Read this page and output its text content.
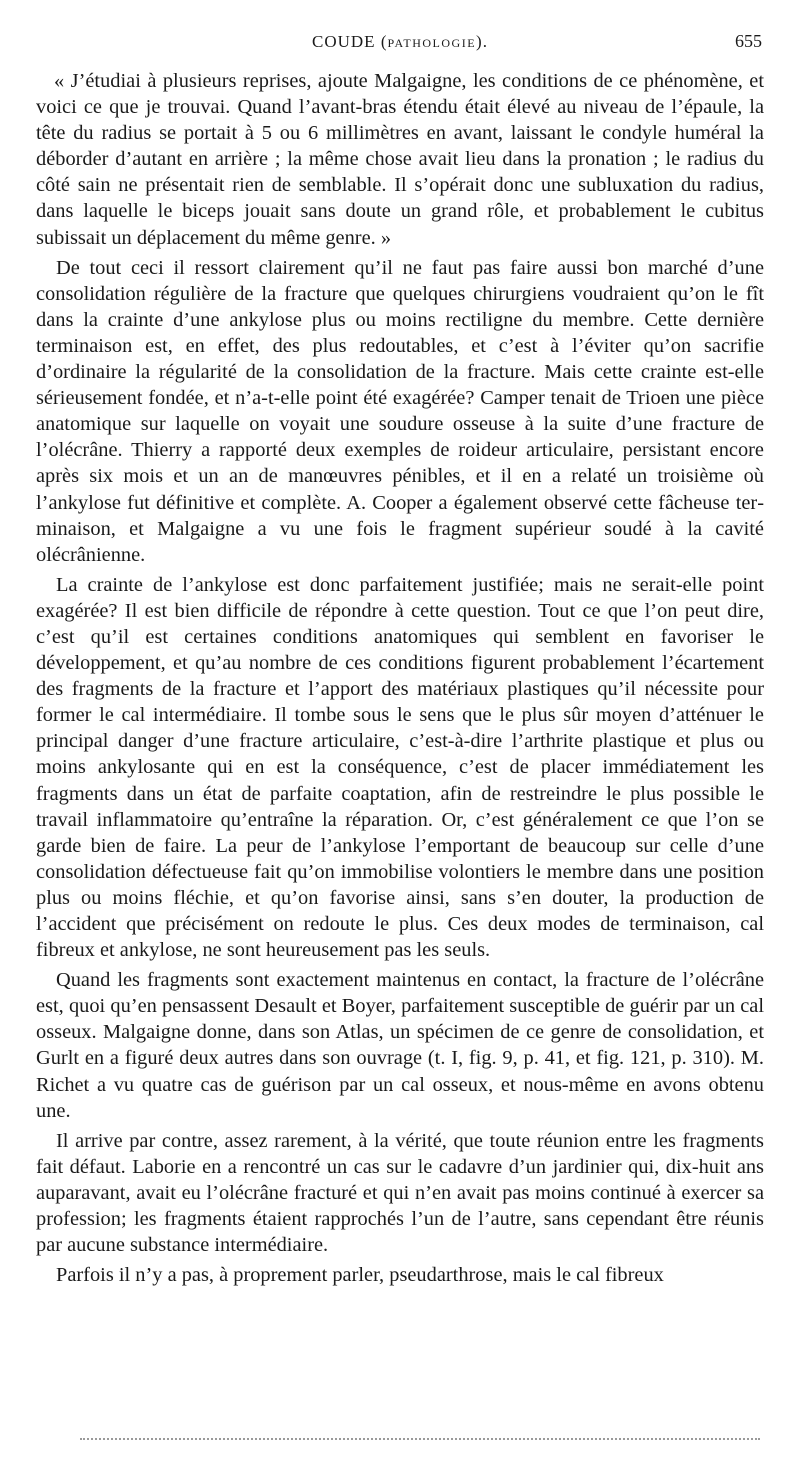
COUDE (PATHOLOGIE).	655

« J’étudiai à plusieurs reprises, ajoute Malgaigne, les conditions de ce phénomène, et voici ce que je trouvai. Quand l’avant-bras étendu était élevé au niveau de l’épaule, la tête du radius se portait à 5 ou 6 millimètres en avant, laissant le condyle huméral la déborder d’autant en arrière ; la même chose avait lieu dans la pronation ; le radius du côté sain ne présentait rien de semblable. Il s’opérait donc une subluxation du radius, dans laquelle le biceps jouait sans doute un grand rôle, et probablement le cubitus subissait un déplacement du même genre. »

De tout ceci il ressort clairement qu’il ne faut pas faire aussi bon marché d’une consolidation régulière de la fracture que quelques chirurgiens voudraient qu’on le fît dans la crainte d’une ankylose plus ou moins rectiligne du membre. Cette dernière terminaison est, en effet, des plus redoutables, et c’est à l’éviter qu’on sacrifie d’ordinaire la régularité de la consolidation de la fracture. Mais cette crainte est-elle sérieusement fondée, et n’a-t-elle point été exagérée? Camper tenait de Trioen une pièce anatomique sur laquelle on voyait une soudure osseuse à la suite d’une fracture de l’olécrâne. Thierry a rapporté deux exemples de roideur articulaire, persistant encore après six mois et un an de manœuvres pénibles, et il en a relaté un troisième où l’ankylose fut définitive et complète. A. Cooper a également observé cette fâcheuse terminaison, et Malgaigne a vu une fois le fragment supérieur soudé à la cavité olécrânienne.

La crainte de l’ankylose est donc parfaitement justifiée; mais ne serait-elle point exagérée? Il est bien difficile de répondre à cette question. Tout ce que l’on peut dire, c’est qu’il est certaines conditions anatomiques qui semblent en favoriser le développement, et qu’au nombre de ces conditions figurent probablement l’écartement des fragments de la fracture et l’apport des matériaux plastiques qu’il nécessite pour former le cal intermédiaire. Il tombe sous le sens que le plus sûr moyen d’atténuer le principal danger d’une fracture articulaire, c’est-à-dire l’arthrite plastique et plus ou moins ankylosante qui en est la conséquence, c’est de placer immédiatement les fragments dans un état de parfaite coaptation, afin de restreindre le plus possible le travail inflammatoire qu’entraîne la réparation. Or, c’est généralement ce que l’on se garde bien de faire. La peur de l’ankylose l’emportant de beaucoup sur celle d’une consolidation défectueuse fait qu’on immobilise volontiers le membre dans une position plus ou moins fléchie, et qu’on favorise ainsi, sans s’en douter, la production de l’accident que précisément on redoute le plus. Ces deux modes de terminaison, cal fibreux et ankylose, ne sont heureusement pas les seuls.

Quand les fragments sont exactement maintenus en contact, la fracture de l’olécrâne est, quoi qu’en pensassent Desault et Boyer, parfaitement susceptible de guérir par un cal osseux. Malgaigne donne, dans son Atlas, un spécimen de ce genre de consolidation, et Gurlt en a figuré deux autres dans son ouvrage (t. I, fig. 9, p. 41, et fig. 121, p. 310). M. Richet a vu quatre cas de guérison par un cal osseux, et nous-même en avons obtenu une.

Il arrive par contre, assez rarement, à la vérité, que toute réunion entre les fragments fait défaut. Laborie en a rencontré un cas sur le cadavre d’un jardinier qui, dix-huit ans auparavant, avait eu l’olécrâne fracturé et qui n’en avait pas moins continué à exercer sa profession; les fragments étaient rapprochés l’un de l’autre, sans cependant être réunis par aucune substance intermédiaire.

Parfois il n’y a pas, à proprement parler, pseudarthrose, mais le cal fibreux
